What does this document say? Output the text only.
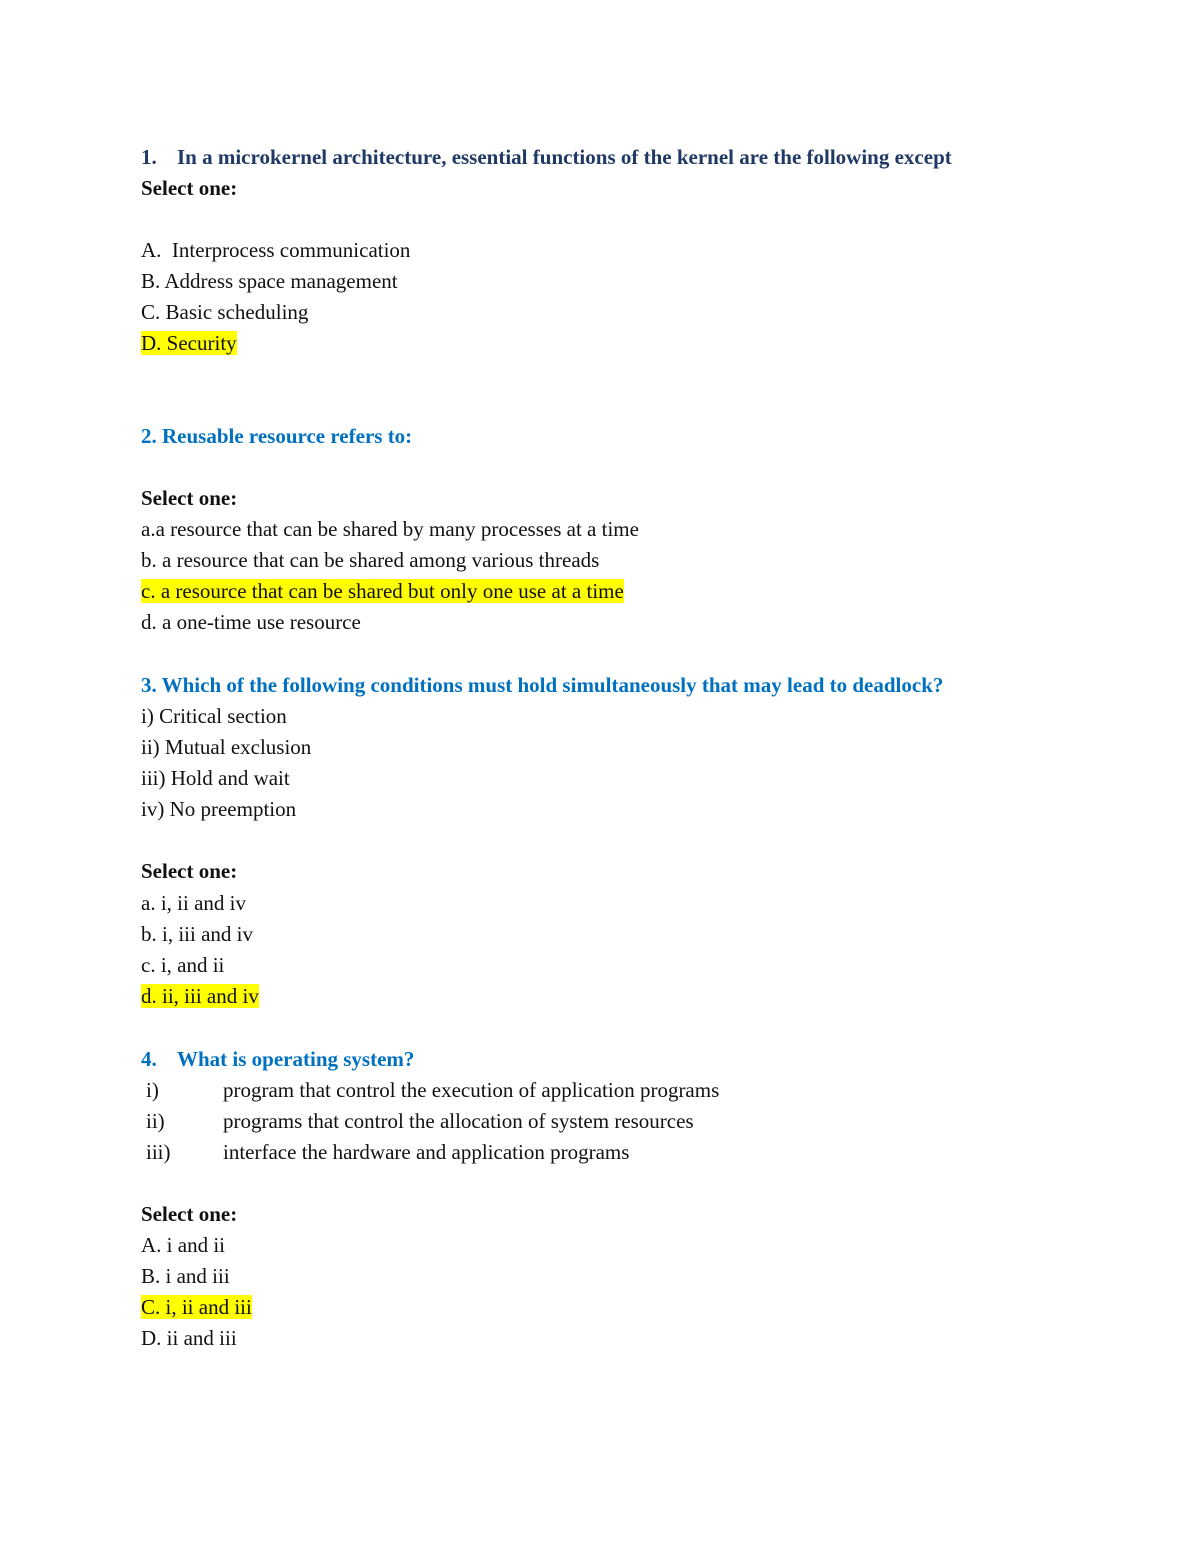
1. In a microkernel architecture, essential functions of the kernel are the following except
Select one:
A. Interprocess communication
B. Address space management
C. Basic scheduling
D. Security
2. Reusable resource refers to:
Select one:
a.a resource that can be shared by many processes at a time
b. a resource that can be shared among various threads
c. a resource that can be shared but only one use at a time
d. a one-time use resource
3. Which of the following conditions must hold simultaneously that may lead to deadlock?
i) Critical section
ii) Mutual exclusion
iii) Hold and wait
iv) No preemption
Select one:
a. i, ii and iv
b. i, iii and iv
c. i, and ii
d. ii, iii and iv
4. What is operating system?
i)	program that control the execution of application programs
ii)	programs that control the allocation of system resources
iii)	interface the hardware and application programs
Select one:
A. i and ii
B. i and iii
C. i, ii and iii
D. ii and iii
